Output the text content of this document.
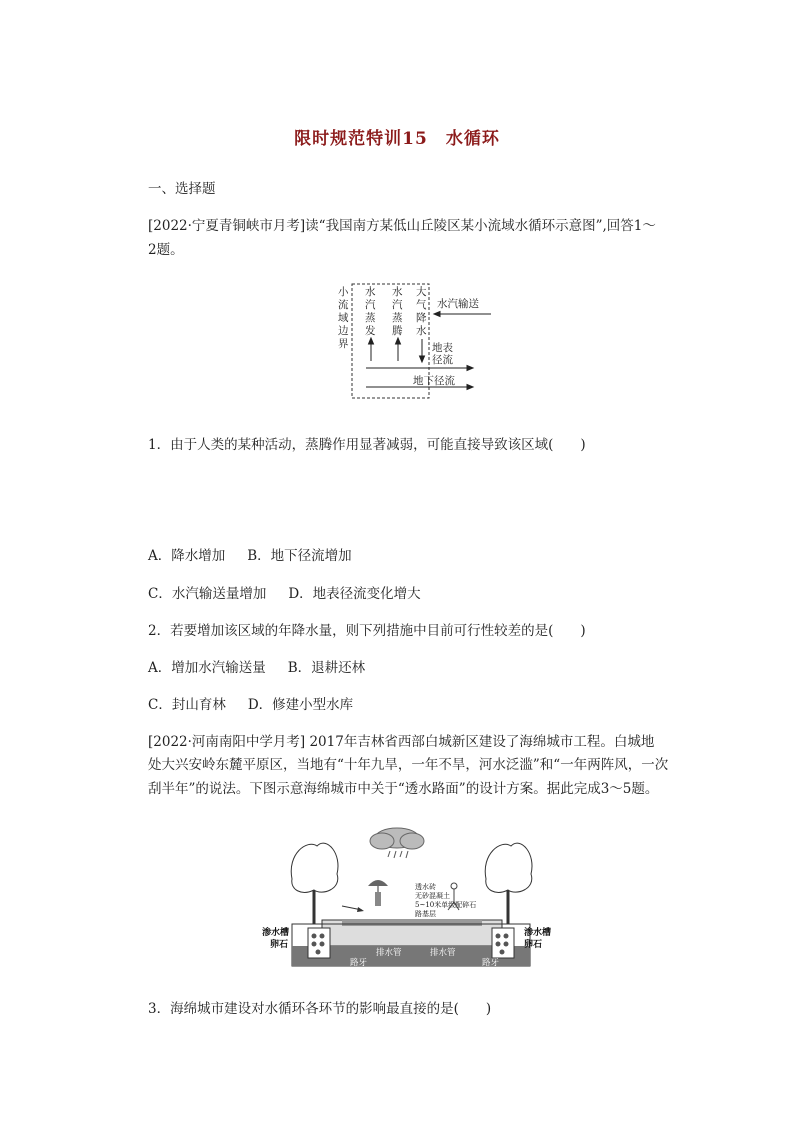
限时规范特训15　水循环
一、选择题
[2022·宁夏青铜峡市月考]读“我国南方某低山丘陵区某小流域水循环示意图”,回答1～
2题。
小
流
域
边
界
水
汽
蒸
发
水
汽
蒸
腾
大
气
降
水
水汽输送
地表
径流
地下径流
1．由于人类的某种活动，蒸腾作用显著减弱，可能直接导致该区域(　　)
A．降水增加 B．地下径流增加
C．水汽输送量增加 D．地表径流变化增大
2．若要增加该区域的年降水量，则下列措施中目前可行性较差的是(　　)
A．增加水汽输送量 B．退耕还林
C．封山育林 D．修建小型水库
[2022·河南南阳中学月考] 2017年吉林省西部白城新区建设了海绵城市工程。白城地
处大兴安岭东麓平原区，当地有“十年九旱，一年不旱，河水泛滥”和“一年两阵风，一次
刮半年”的说法。下图示意海绵城市中关于“透水路面”的设计方案。据此完成3～5题。
透水砖
无砂混凝土
5~10米单级配碎石
路基层
渗水槽
卵石
渗水槽
卵石
排水管	排水管
路牙	路牙
3．海绵城市建设对水循环各环节的影响最直接的是(　　)
